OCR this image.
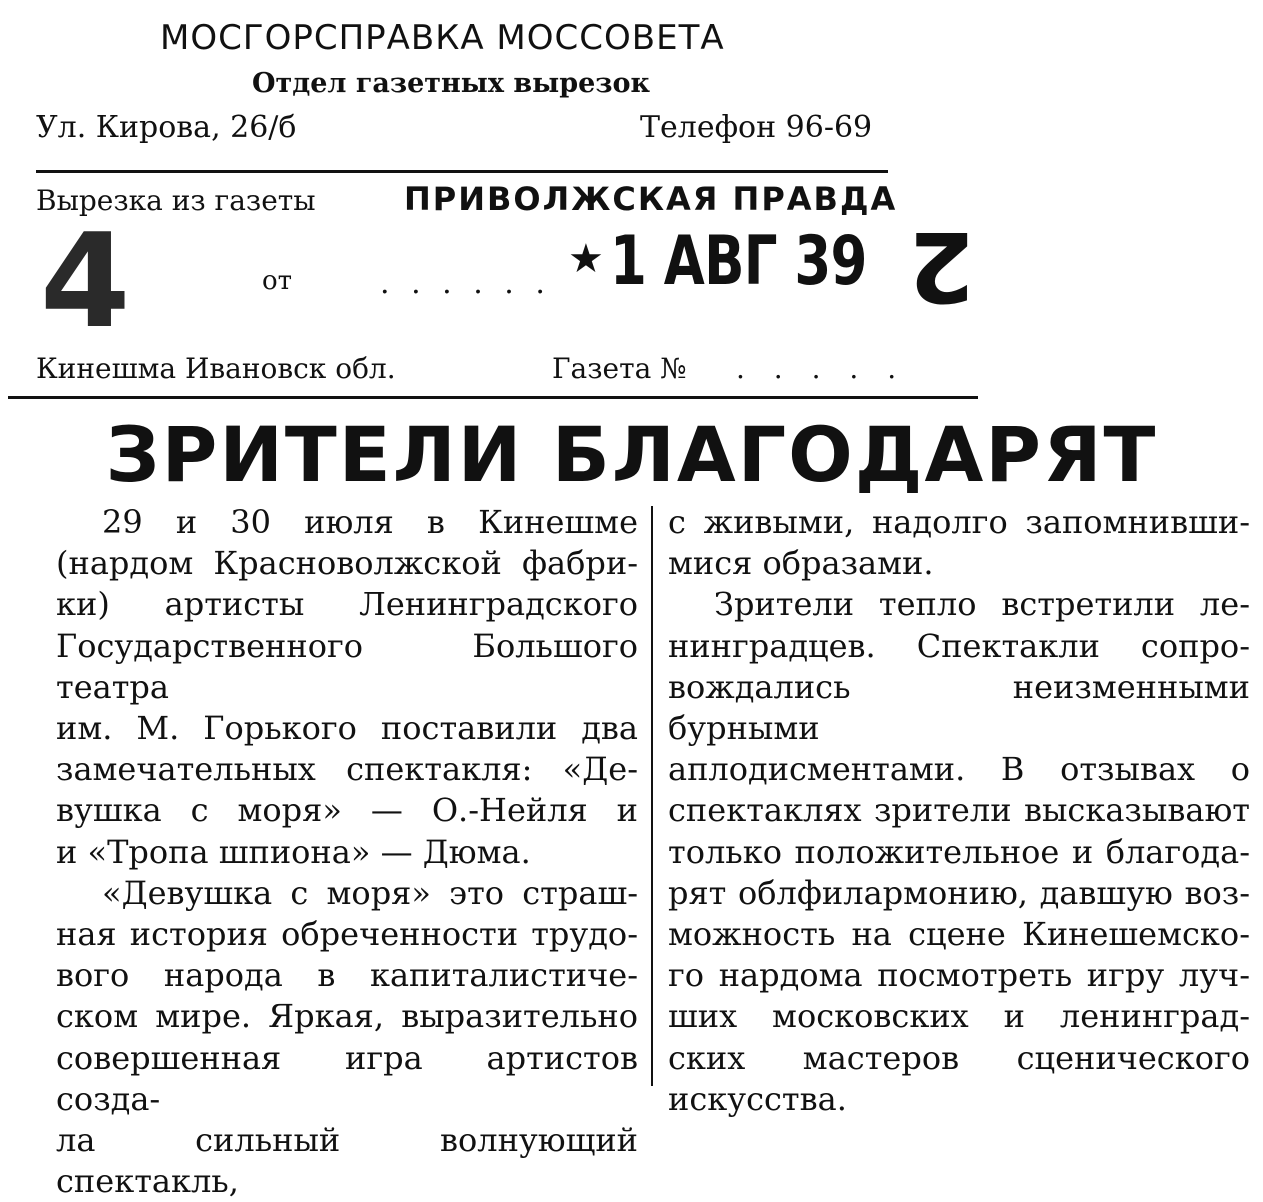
МОСГОРСПРАВКА МОССОВЕТА
Отдел газетных вырезок
Ул. Кирова, 26/б	Телефон 96-69
Вырезка из газеты	ПРИВОЛЖСКАЯ ПРАВДА
4	от	. . . . . .
★ 1 АВГ 39 2
Кинешма Ивановск обл.	Газета № . . . . .
ЗРИТЕЛИ БЛАГОДАРЯТ

29 и 30 июля в Кинешме

(нардом Красноволжской фабри-

ки) артисты Ленинградского

Государственного Большого театра

им. М. Горького поставили два

замечательных спектакля: «Де-

вушка с моря» — О.-Нейля и

и «Тропа шпиона» — Дюма.

«Девушка с моря» это страш-

ная история обреченности трудо-

вого народа в капиталистиче-

ском мире. Яркая, выразительно

совершенная игра артистов созда-

ла сильный волнующий спектакль,

с живыми, надолго запомнивши-

мися образами.

Зрители тепло встретили ле-

нинградцев. Спектакли сопро-

вождались неизменными бурными

аплодисментами. В отзывах о

спектаклях зрители высказывают

только положительное и благода-

рят облфилармонию, давшую воз-

можность на сцене Кинешемско-

го нардома посмотреть игру луч-

ших московских и ленинград-

ских мастеров сценического

искусства.
